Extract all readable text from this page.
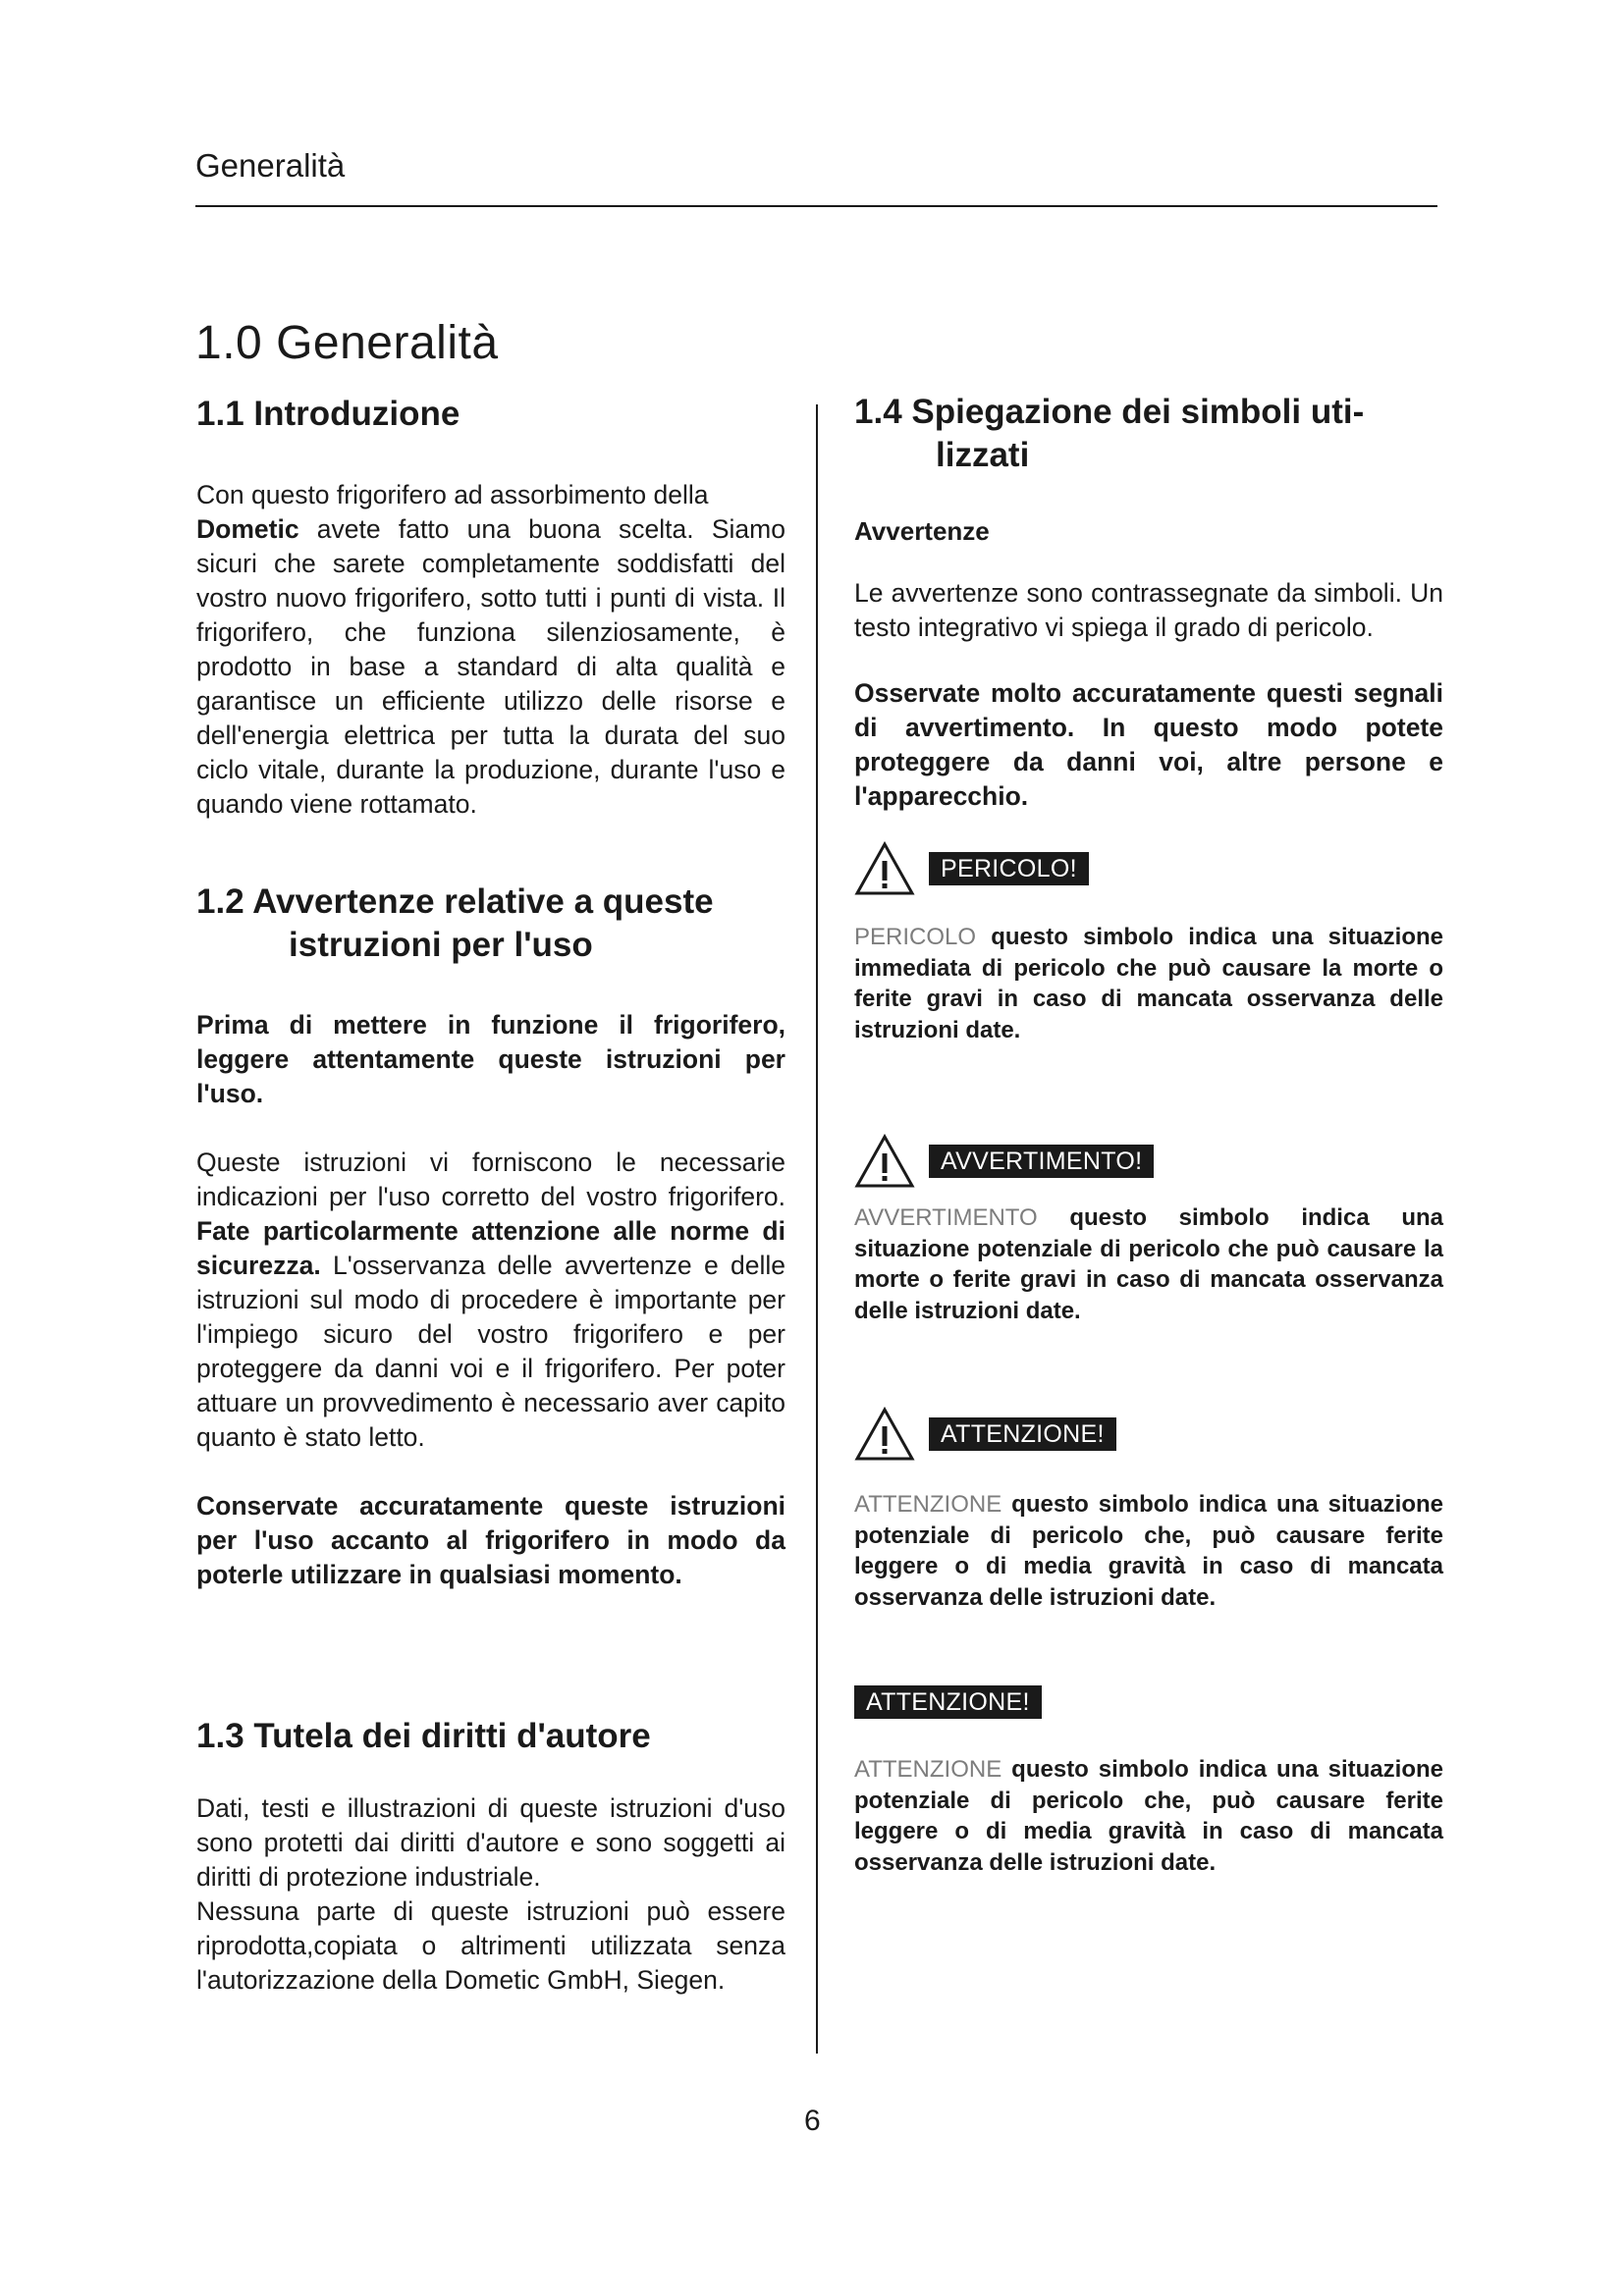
Generalità
1.0 Generalità
1.1 Introduzione

Con questo frigorifero ad assorbimento della
Dometic avete fatto una buona scelta. Siamo sicuri che sarete completamente soddisfatti del vostro nuovo frigorifero, sotto tutti i punti di vista. Il frigorifero, che funziona silenziosamente, è prodotto in base a standard di alta qualità e garantisce un efficiente utilizzo delle risorse e dell'energia elettrica per tutta la durata del suo ciclo vitale, durante la produzione, durante l'uso e quando viene rottamato.

1.2 Avvertenze relative a queste
istruzioni per l'uso

Prima di mettere in funzione il frigorifero, leggere attentamente queste istruzioni per l'uso.

Queste istruzioni vi forniscono le necessarie indicazioni per l'uso corretto del vostro frigorifero. Fate particolarmente attenzione alle norme di sicurezza. L'osservanza delle avvertenze e delle istruzioni sul modo di procedere è importante per l'impiego sicuro del vostro frigorifero e per proteggere da danni voi e il frigorifero. Per poter attuare un provvedimento è necessario aver capito quanto è stato letto.

Conservate accuratamente queste istruzioni per l'uso accanto al frigorifero in modo da poterle utilizzare in qualsiasi momento.

1.3 Tutela dei diritti d'autore

Dati, testi e illustrazioni di queste istruzioni d'uso sono protetti dai diritti d'autore e sono soggetti ai diritti di protezione industriale.

Nessuna parte di queste istruzioni può essere riprodotta,copiata o altrimenti utilizzata senza l'autorizzazione della Dometic GmbH, Siegen.

1.4 Spiegazione dei simboli uti-
lizzati
Avvertenze

Le avvertenze sono contrassegnate da simboli. Un testo integrativo vi spiega il grado di pericolo.

Osservate molto accuratamente questi segnali di avvertimento. In questo modo potete proteggere da danni voi, altre persone e l'apparecchio.

PERICOLO!

PERICOLO questo simbolo indica una situazione immediata di pericolo che può causare la morte o ferite gravi in caso di mancata osservanza delle istruzioni date.

AVVERTIMENTO!

AVVERTIMENTO questo simbolo indica una situazione potenziale di pericolo che può causare la morte o ferite gravi in caso di mancata osservanza delle istruzioni date.

ATTENZIONE!

ATTENZIONE questo simbolo indica una situazione potenziale di pericolo che, può causare ferite leggere o di media gravità in caso di mancata osservanza delle istruzioni date.

ATTENZIONE!

ATTENZIONE questo simbolo indica una situazione potenziale di pericolo che, può causare ferite leggere o di media gravità in caso di mancata osservanza delle istruzioni date.

6
